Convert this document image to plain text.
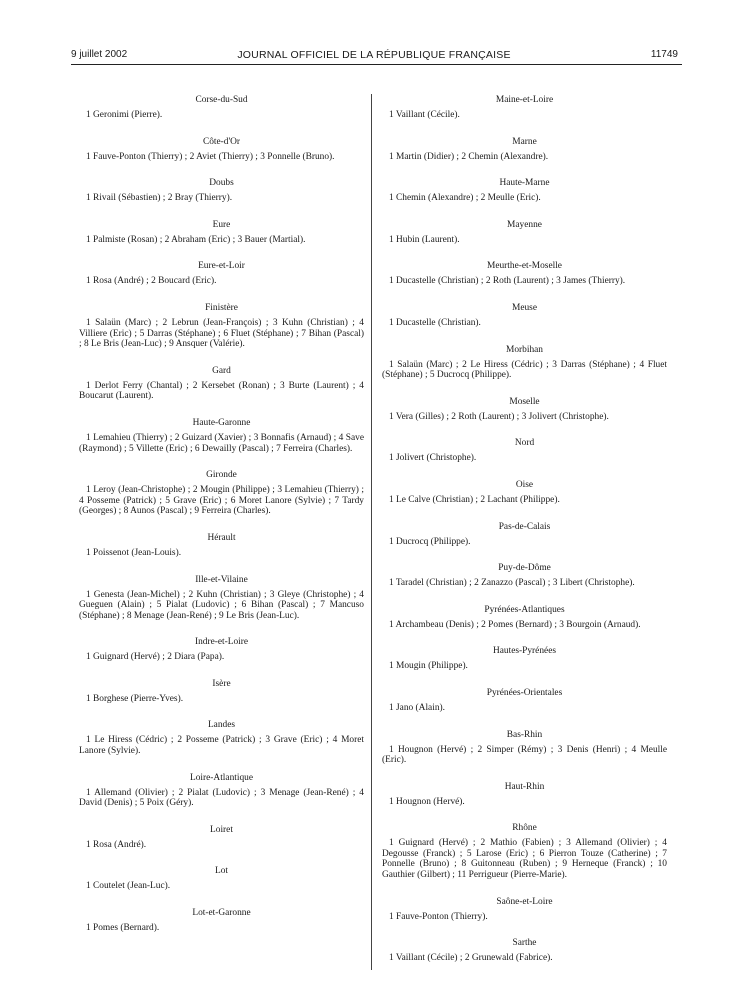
9 juillet 2002	JOURNAL OFFICIEL DE LA RÉPUBLIQUE FRANÇAISE	11749
Corse-du-Sud

1 Geronimi (Pierre).

Côte-d'Or

1 Fauve-Ponton (Thierry) ; 2 Aviet (Thierry) ; 3 Ponnelle (Bruno).

Doubs

1 Rivail (Sébastien) ; 2 Bray (Thierry).

Eure

1 Palmiste (Rosan) ; 2 Abraham (Eric) ; 3 Bauer (Martial).

Eure-et-Loir

1 Rosa (André) ; 2 Boucard (Eric).

Finistère

1 Salaün (Marc) ; 2 Lebrun (Jean-François) ; 3 Kuhn (Christian) ; 4 Villiere (Eric) ; 5 Darras (Stéphane) ; 6 Fluet (Stéphane) ; 7 Bihan (Pascal) ; 8 Le Bris (Jean-Luc) ; 9 Ansquer (Valérie).

Gard

1 Derlot Ferry (Chantal) ; 2 Kersebet (Ronan) ; 3 Burte (Laurent) ; 4 Boucarut (Laurent).

Haute-Garonne

1 Lemahieu (Thierry) ; 2 Guizard (Xavier) ; 3 Bonnafis (Arnaud) ; 4 Save (Raymond) ; 5 Villette (Eric) ; 6 Dewailly (Pascal) ; 7 Ferreira (Charles).

Gironde

1 Leroy (Jean-Christophe) ; 2 Mougin (Philippe) ; 3 Lemahieu (Thierry) ; 4 Posseme (Patrick) ; 5 Grave (Eric) ; 6 Moret Lanore (Sylvie) ; 7 Tardy (Georges) ; 8 Aunos (Pascal) ; 9 Ferreira (Charles).

Hérault

1 Poissenot (Jean-Louis).

Ille-et-Vilaine

1 Genesta (Jean-Michel) ; 2 Kuhn (Christian) ; 3 Gleye (Christophe) ; 4 Gueguen (Alain) ; 5 Pialat (Ludovic) ; 6 Bihan (Pascal) ; 7 Mancuso (Stéphane) ; 8 Menage (Jean-René) ; 9 Le Bris (Jean-Luc).

Indre-et-Loire

1 Guignard (Hervé) ; 2 Diara (Papa).

Isère

1 Borghese (Pierre-Yves).

Landes

1 Le Hiress (Cédric) ; 2 Posseme (Patrick) ; 3 Grave (Eric) ; 4 Moret Lanore (Sylvie).

Loire-Atlantique

1 Allemand (Olivier) ; 2 Pialat (Ludovic) ; 3 Menage (Jean-René) ; 4 David (Denis) ; 5 Poix (Géry).

Loiret

1 Rosa (André).

Lot

1 Coutelet (Jean-Luc).

Lot-et-Garonne

1 Pomes (Bernard).

Maine-et-Loire

1 Vaillant (Cécile).

Marne

1 Martin (Didier) ; 2 Chemin (Alexandre).

Haute-Marne

1 Chemin (Alexandre) ; 2 Meulle (Eric).

Mayenne

1 Hubin (Laurent).

Meurthe-et-Moselle

1 Ducastelle (Christian) ; 2 Roth (Laurent) ; 3 James (Thierry).

Meuse

1 Ducastelle (Christian).

Morbihan

1 Salaün (Marc) ; 2 Le Hiress (Cédric) ; 3 Darras (Stéphane) ; 4 Fluet (Stéphane) ; 5 Ducrocq (Philippe).

Moselle

1 Vera (Gilles) ; 2 Roth (Laurent) ; 3 Jolivert (Christophe).

Nord

1 Jolivert (Christophe).

Oise

1 Le Calve (Christian) ; 2 Lachant (Philippe).

Pas-de-Calais

1 Ducrocq (Philippe).

Puy-de-Dôme

1 Taradel (Christian) ; 2 Zanazzo (Pascal) ; 3 Libert (Christophe).

Pyrénées-Atlantiques

1 Archambeau (Denis) ; 2 Pomes (Bernard) ; 3 Bourgoin (Arnaud).

Hautes-Pyrénées

1 Mougin (Philippe).

Pyrénées-Orientales

1 Jano (Alain).

Bas-Rhin

1 Hougnon (Hervé) ; 2 Simper (Rémy) ; 3 Denis (Henri) ; 4 Meulle (Eric).

Haut-Rhin

1 Hougnon (Hervé).

Rhône

1 Guignard (Hervé) ; 2 Mathio (Fabien) ; 3 Allemand (Olivier) ; 4 Degousse (Franck) ; 5 Larose (Eric) ; 6 Pierron Touze (Catherine) ; 7 Ponnelle (Bruno) ; 8 Guitonneau (Ruben) ; 9 Herneque (Franck) ; 10 Gauthier (Gilbert) ; 11 Perrigueur (Pierre-Marie).

Saône-et-Loire

1 Fauve-Ponton (Thierry).

Sarthe

1 Vaillant (Cécile) ; 2 Grunewald (Fabrice).
